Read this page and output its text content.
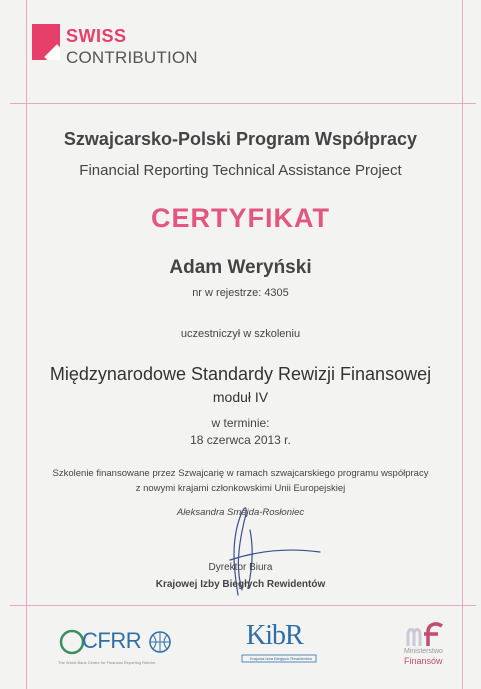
SWISS
CONTRIBUTION
Szwajcarsko-Polski Program Współpracy
Financial Reporting Technical Assistance Project
CERTYFIKAT
Adam Weryński
nr w rejestrze: 4305
uczestniczył w szkoleniu
Międzynarodowe Standardy Rewizji Finansowej
moduł IV
w terminie:
18 czerwca 2013 r.
Szkolenie finansowane przez Szwajcarię w ramach szwajcarskiego programu współpracy
z nowymi krajami członkowskimi Unii Europejskiej
Aleksandra Smejda-Rosłoniec
Dyrektor Biura
Krajowej Izby Biegłych Rewidentów
CFRR
The World Bank Centre for Financial Reporting Reform
KibR
Krajowa Izba Biegłych Rewidentów
Ministerstwo
Finansów
